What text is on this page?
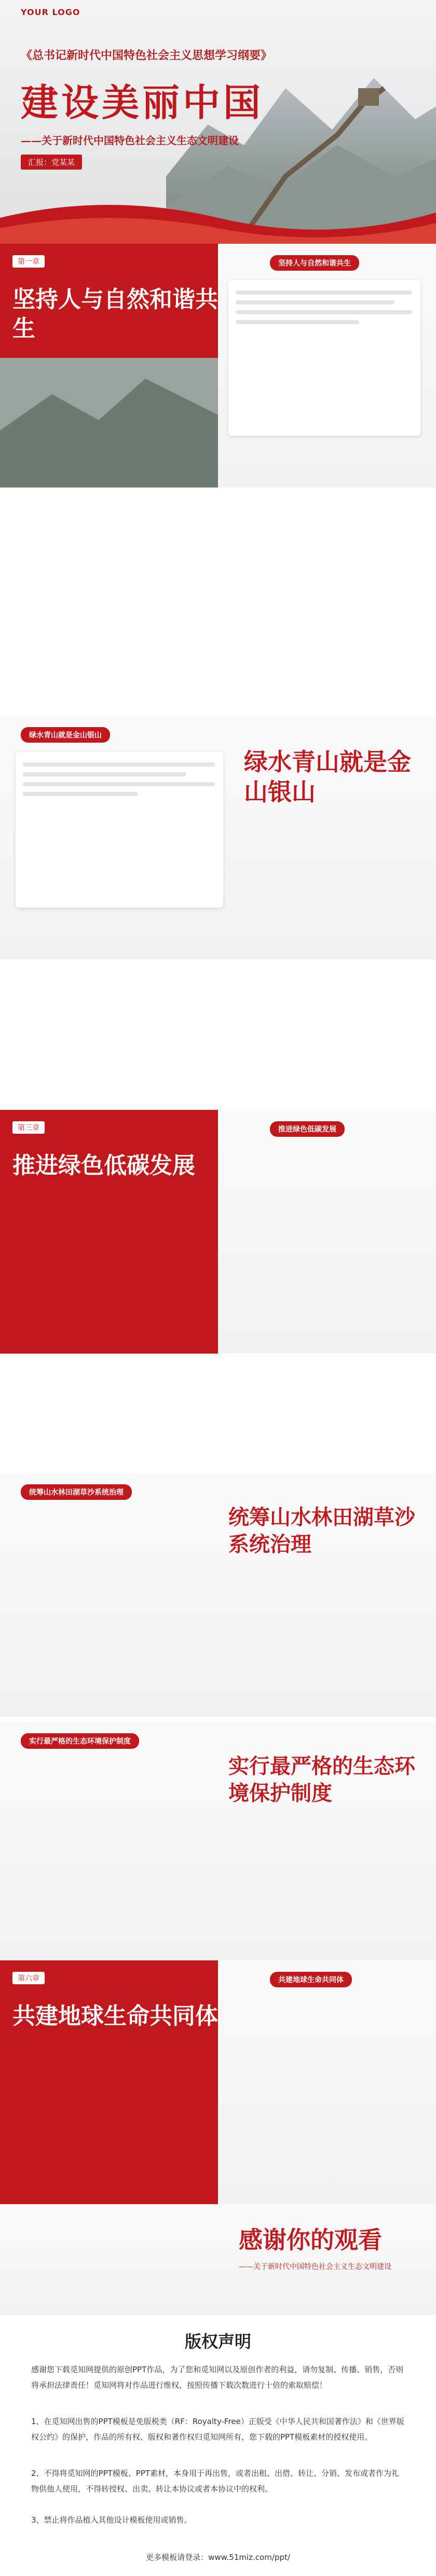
YOUR LOGO
《总书记新时代中国特色社会主义思想学习纲要》
建设美丽中国
——关于新时代中国特色社会主义生态文明建设
汇报：党某某
第一章
坚持人与自然和谐共生
坚持人与自然和谐共生
绿水青山就是金山银山
绿水青山就是金山银山
第三章
推进绿色低碳发展
推进绿色低碳发展
统筹山水林田湖草沙系统治理
统筹山水林田湖草沙系统治理
实行最严格的生态环境保护制度
实行最严格的生态环境保护制度
第六章
共建地球生命共同体
共建地球生命共同体
感谢你的观看
——关于新时代中国特色社会主义生态文明建设
版权声明

感谢您下载觅知网提供的原创PPT作品，为了您和觅知网以及原创作者的利益，请勿复制、传播、销售，否则将承担法律责任！觅知网将对作品进行维权，按照传播下载次数进行十倍的索取赔偿！

1、在觅知网出售的PPT模板是免版税类（RF：Royalty-Free）正版受《中华人民共和国著作法》和《世界版权公约》的保护，作品的所有权、版权和著作权归觅知网所有，您下载的PPT模板素材的授权使用。

2、不得将觅知网的PPT模板、PPT素材，本身用于再出售，或者出租、出借、转让、分销、发布或者作为礼物供他人使用，不得转授权、出卖、转让本协议或者本协议中的权利。

3、禁止将作品植入其他设计模板使用或销售。

更多模板请登录：www.51miz.com/ppt/
